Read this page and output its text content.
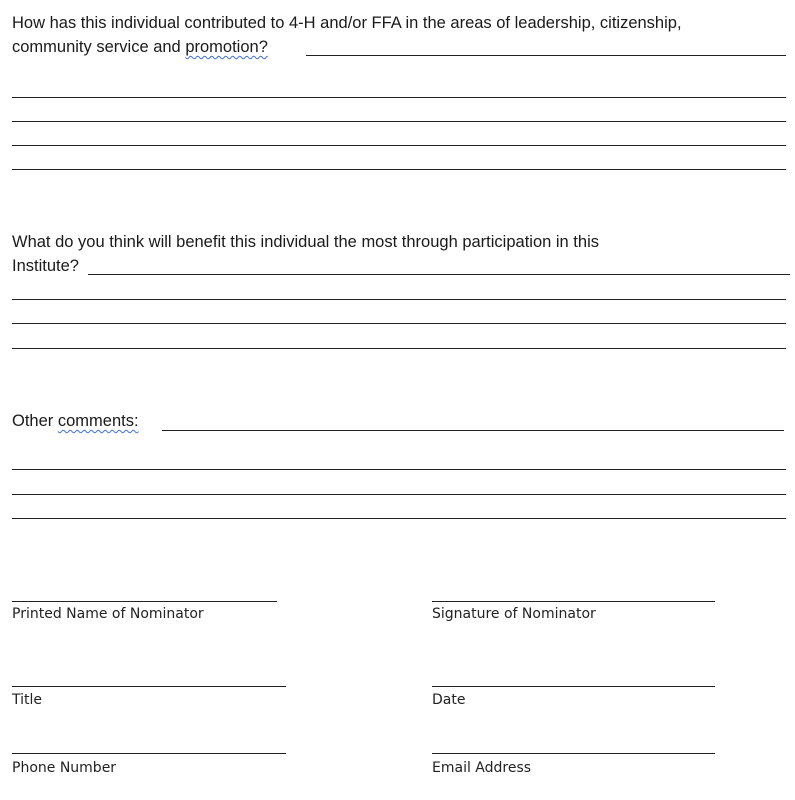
How has this individual contributed to 4-H and/or FFA in the areas of leadership, citizenship,

community service and promotion?

What do you think will benefit this individual the most through participation in this

Institute?

Other comments:

Printed Name of Nominator	Signature of Nominator
Title	Date
Phone Number	Email Address
